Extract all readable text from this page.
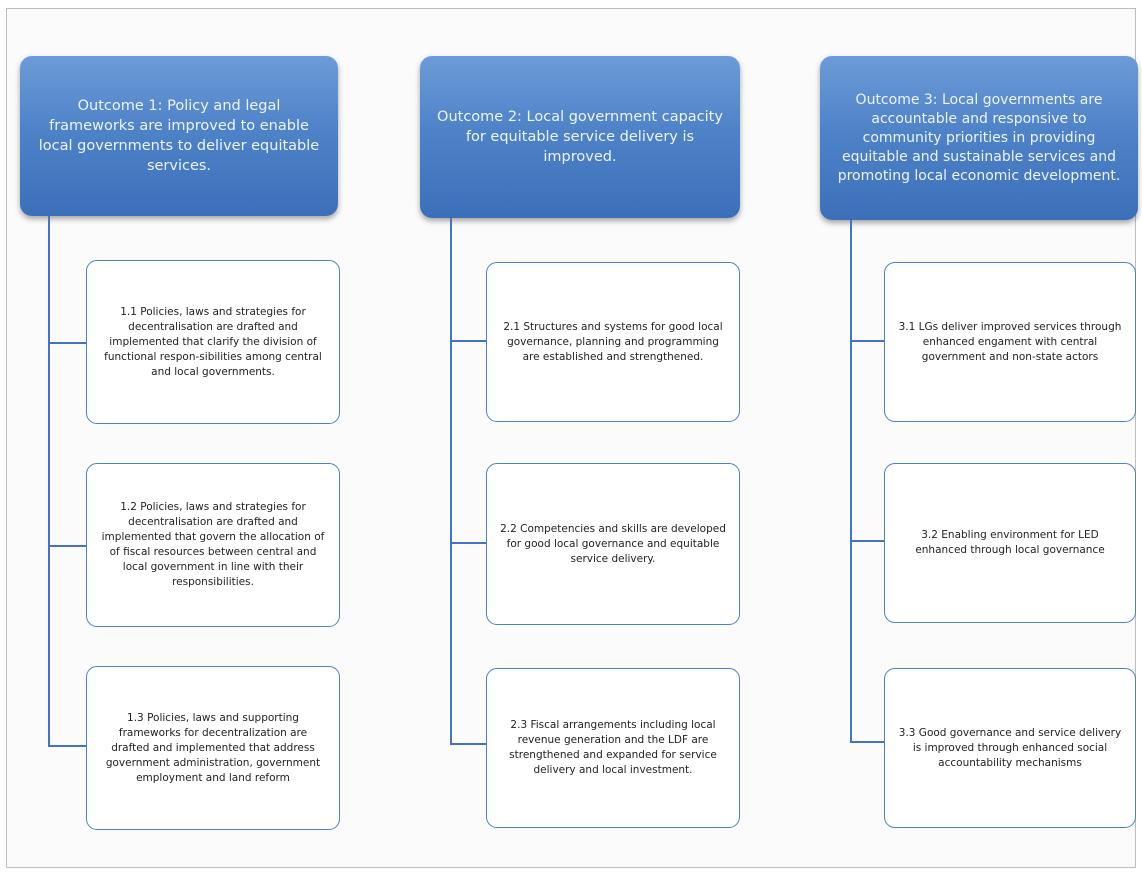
Outcome 1: Policy and legal frameworks are improved to enable local governments to deliver equitable services.
1.1 Policies, laws and strategies for decentralisation are drafted and implemented that clarify the division of functional respon-sibilities among central and local governments.
1.2 Policies, laws and strategies for decentralisation are drafted and implemented that govern the allocation of of fiscal resources between central and local government in line with their responsibilities.
1.3 Policies, laws and supporting frameworks for decentralization are drafted and implemented that address government administration, government employment and land reform
Outcome 2: Local government capacity for equitable service delivery is improved.
2.1 Structures and systems for good local governance, planning and programming are established and strengthened.
2.2 Competencies and skills are developed for good local governance and equitable service delivery.
2.3 Fiscal arrangements including local revenue generation and the LDF are strengthened and expanded for service delivery and local investment.
Outcome 3: Local governments are accountable and responsive to community priorities in providing equitable and sustainable services and promoting local economic development.
3.1 LGs deliver improved services through enhanced engament with central government and non-state actors
3.2 Enabling environment for LED enhanced through local governance
3.3 Good governance and service delivery is improved through enhanced social accountability mechanisms
